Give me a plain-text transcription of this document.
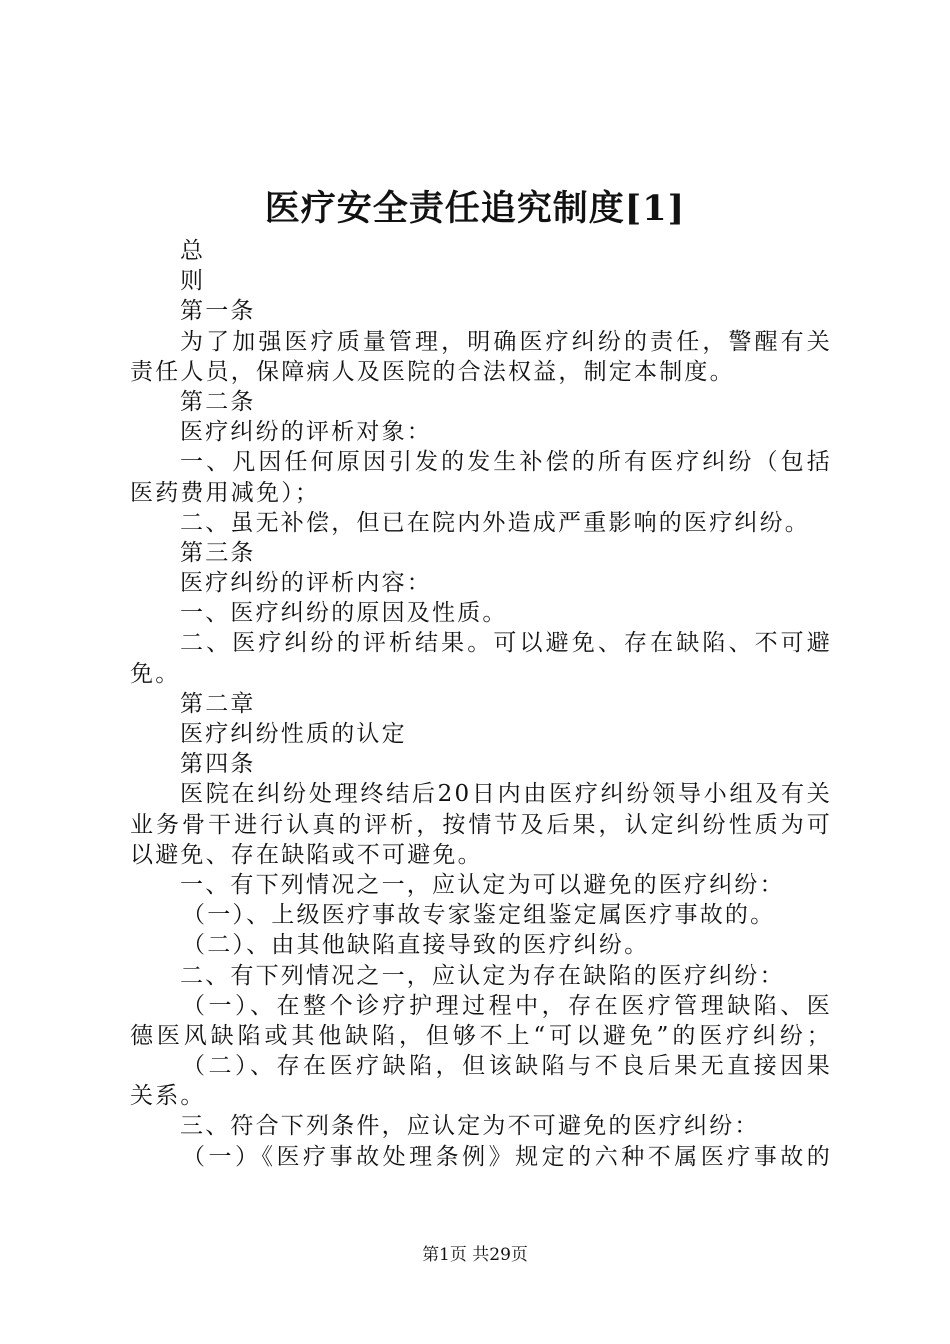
医疗安全责任追究制度[1]
总
则
第一条
为了加强医疗质量管理，明确医疗纠纷的责任，警醒有关
责任人员，保障病人及医院的合法权益，制定本制度。
第二条
医疗纠纷的评析对象：
一、凡因任何原因引发的发生补偿的所有医疗纠纷（包括
医药费用减免）；
二、虽无补偿，但已在院内外造成严重影响的医疗纠纷。
第三条
医疗纠纷的评析内容：
一、医疗纠纷的原因及性质。
二、医疗纠纷的评析结果。可以避免、存在缺陷、不可避
免。
第二章
医疗纠纷性质的认定
第四条
医院在纠纷处理终结后20日内由医疗纠纷领导小组及有关
业务骨干进行认真的评析，按情节及后果，认定纠纷性质为可
以避免、存在缺陷或不可避免。
一、有下列情况之一，应认定为可以避免的医疗纠纷：
（一）、上级医疗事故专家鉴定组鉴定属医疗事故的。
（二）、由其他缺陷直接导致的医疗纠纷。
二、有下列情况之一，应认定为存在缺陷的医疗纠纷：
（一）、在整个诊疗护理过程中，存在医疗管理缺陷、医
德医风缺陷或其他缺陷，但够不上“可以避免”的医疗纠纷；
（二）、存在医疗缺陷，但该缺陷与不良后果无直接因果
关系。
三、符合下列条件，应认定为不可避免的医疗纠纷：
（一）《医疗事故处理条例》规定的六种不属医疗事故的
第1页 共29页
